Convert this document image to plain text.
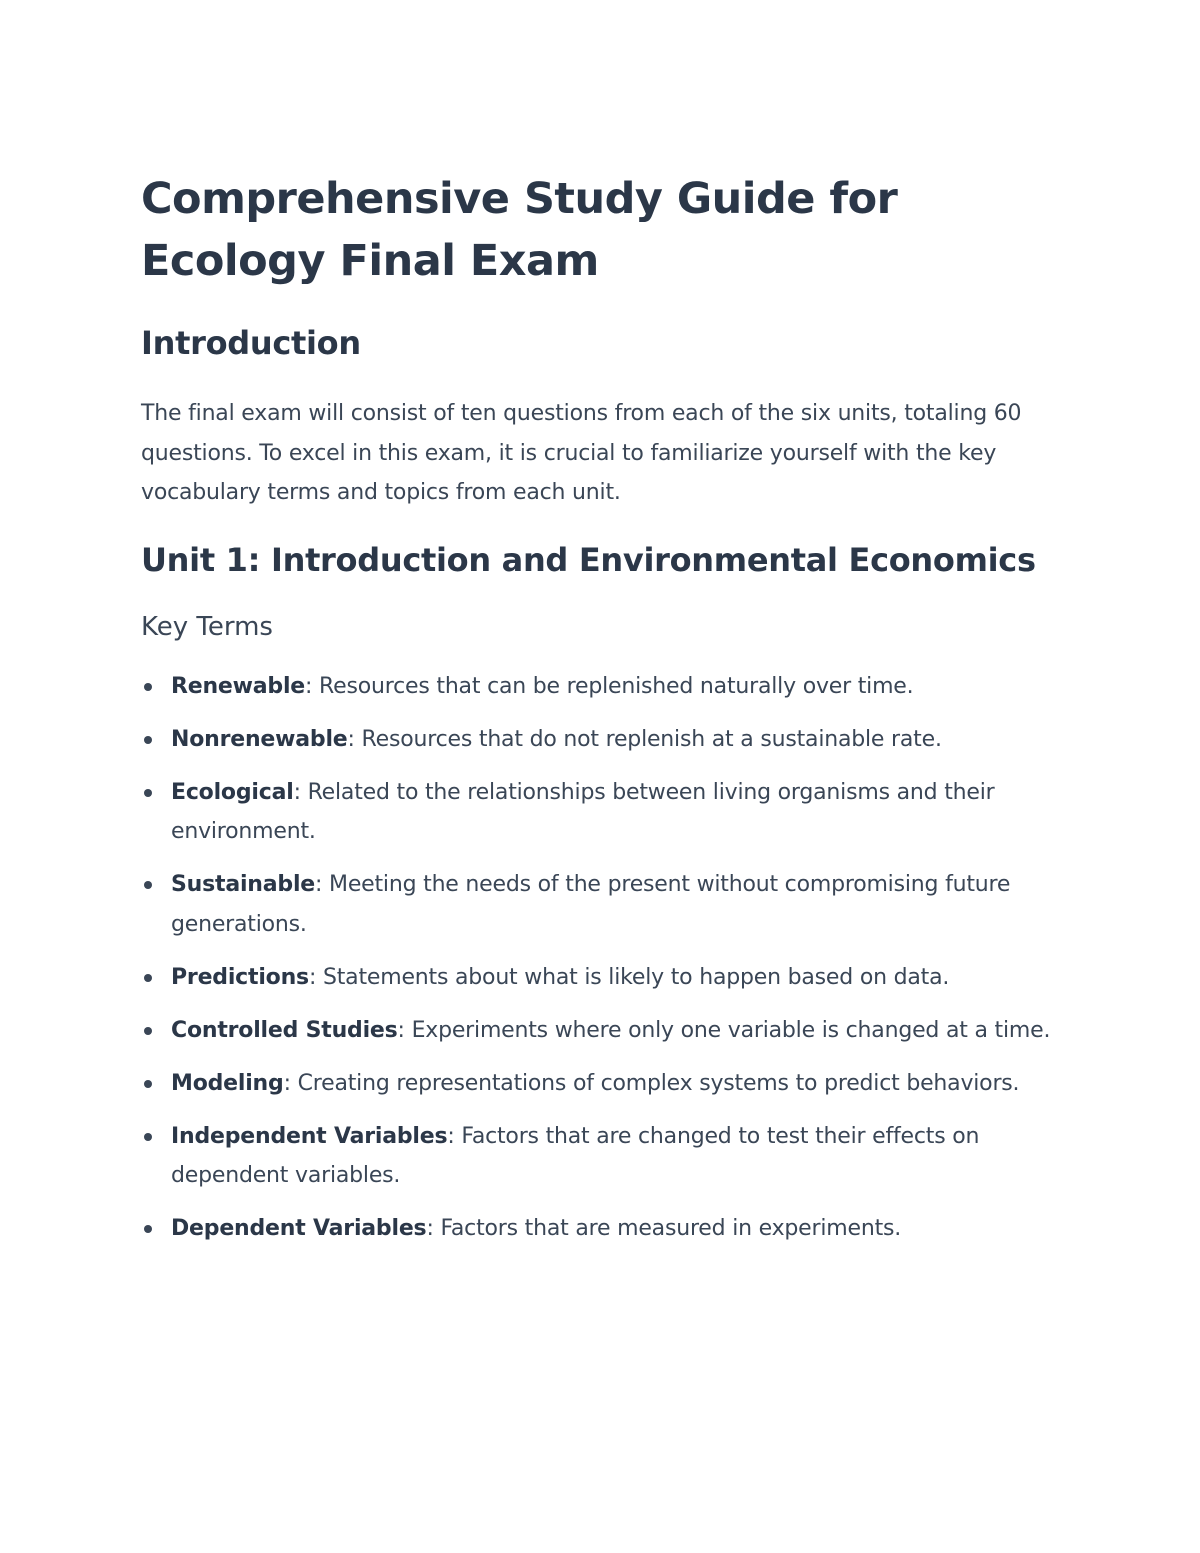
Comprehensive Study Guide for Ecology Final Exam
Introduction

The final exam will consist of ten questions from each of the six units, totaling 60 questions. To excel in this exam, it is crucial to familiarize yourself with the key vocabulary terms and topics from each unit.

Unit 1: Introduction and Environmental Economics
Key Terms
Renewable: Resources that can be replenished naturally over time.
Nonrenewable: Resources that do not replenish at a sustainable rate.
Ecological: Related to the relationships between living organisms and their environment.
Sustainable: Meeting the needs of the present without compromising future generations.
Predictions: Statements about what is likely to happen based on data.
Controlled Studies: Experiments where only one variable is changed at a time.
Modeling: Creating representations of complex systems to predict behaviors.
Independent Variables: Factors that are changed to test their effects on dependent variables.
Dependent Variables: Factors that are measured in experiments.
